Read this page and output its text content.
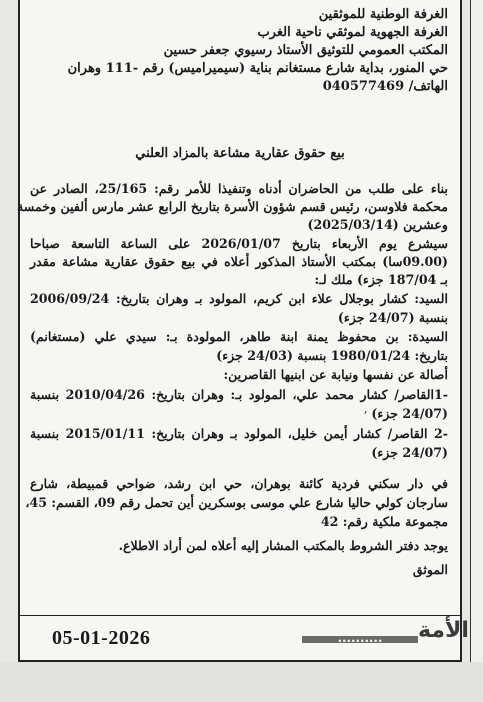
الغرفة الوطنية للموثقين
الغرفة الجهوية لموثقي ناحية الغرب
المكتب العمومي للتوثيق الأستاذ رسيوي جعفر حسين
حي المنور، بداية شارع مستغانم بناية (سيميراميس) رقم -111 وهران
الهاتف/ 040577469
بيع حقوق عقارية مشاعة بالمزاد العلني
بناء على طلب من الحاضران أدناه وتنفيذا للأمر رقم: 25/165، الصادر عن
محكمة فلاوسن، رئيس قسم شؤون الأسرة بتاريخ الرابع عشر مارس ألفين وخمسة
وعشرين (2025/03/14)
سيشرع يوم الأربعاء بتاريخ 2026/01/07 على الساعة التاسعة صباحا
(09.00سا) بمكتب الأستاذ المذكور أعلاه في بيع حقوق عقارية مشاعة مقدر
بـ 187/04 جزء) ملك لـ:
السيد: كشار بوجلال علاء ابن كريم، المولود بـ وهران بتاريخ: 2006/09/24
بنسبة (24/07 جزء)
السيدة: بن محفوظ يمنة ابنة طاهر، المولودة بـ: سيدي علي (مستغانم)
بتاريخ: 1980/01/24 بنسبة (24/03 جزء)
أصالة عن نفسها ونيابة عن ابنيها القاصرين:
-1القاصر/ كشار محمد علي، المولود بـ: وهران بتاريخ: 2010/04/26 بنسبة
(24/07 جزء) ׳
-2 القاصر/ كشار أيمن خليل، المولود بـ وهران بتاريخ: 2015/01/11 بنسبة
(24/07 جزء)
في دار سكني فردية كائنة بوهران، حي ابن رشد، ضواحي قمبيطة، شارع
سارجان كولي حاليا شارع علي موسى بوسكرين أين تحمل رقم 09، القسم: 45،
مجموعة ملكية رقم: 42
يوجد دفتر الشروط بالمكتب المشار إليه أعلاه لمن أراد الاطلاع.
الموثق
الأمة
▪ ▪ ▪ ▪ ▪ ▪ ▪ ▪ ▪ ▪
05-01-2026
